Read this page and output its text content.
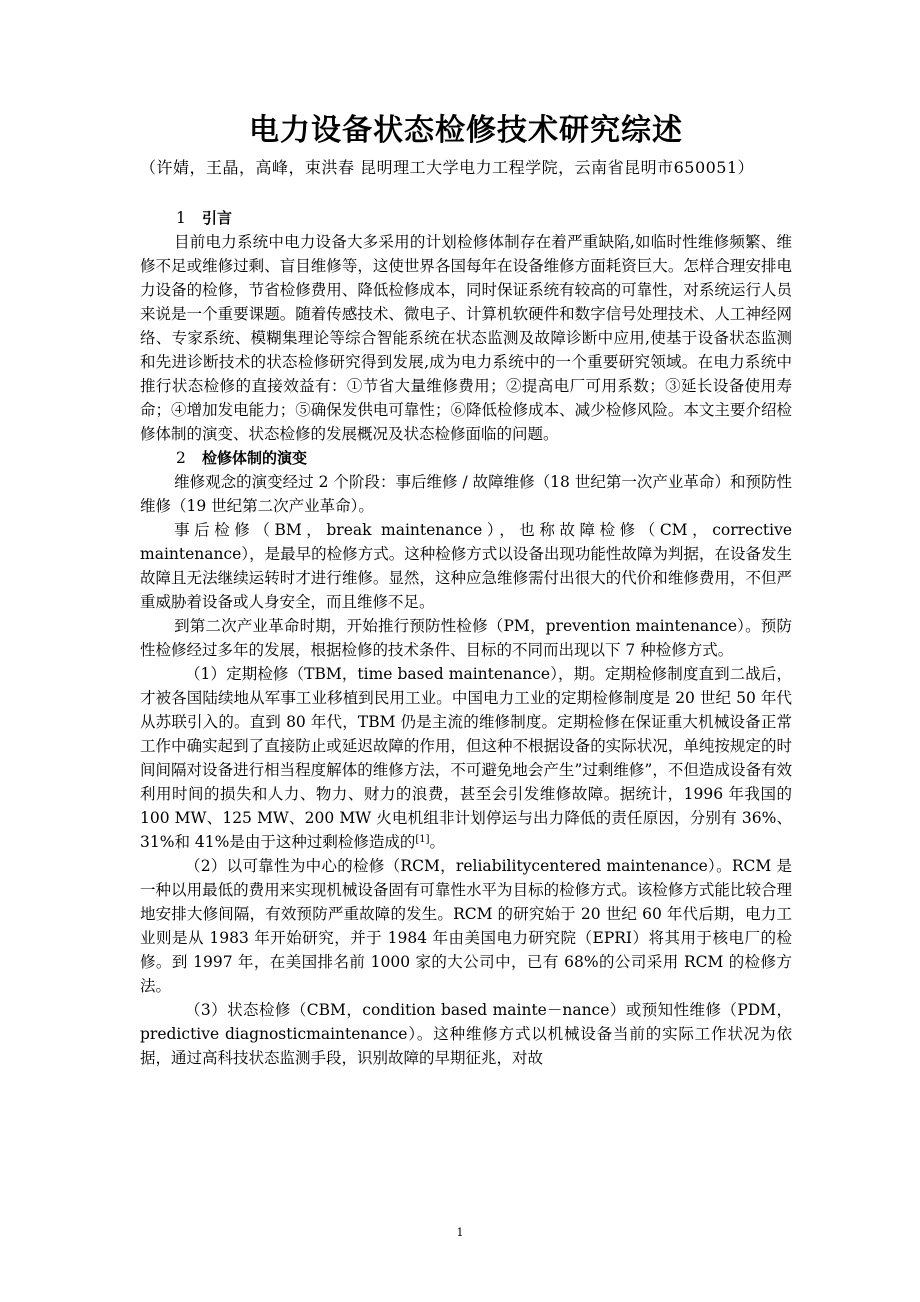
电力设备状态检修技术研究综述

（许婧，王晶，高峰，束洪春 昆明理工大学电力工程学院，云南省昆明市650051）

1 引言

目前电力系统中电力设备大多采用的计划检修体制存在着严重缺陷,如临时性维修频繁、维修不足或维修过剩、盲目维修等，这使世界各国每年在设备维修方面耗资巨大。怎样合理安排电力设备的检修，节省检修费用、降低检修成本，同时保证系统有较高的可靠性，对系统运行人员来说是一个重要课题。随着传感技术、微电子、计算机软硬件和数字信号处理技术、人工神经网络、专家系统、模糊集理论等综合智能系统在状态监测及故障诊断中应用,使基于设备状态监测和先进诊断技术的状态检修研究得到发展,成为电力系统中的一个重要研究领域。在电力系统中推行状态检修的直接效益有：①节省大量维修费用；②提高电厂可用系数；③延长设备使用寿命；④增加发电能力；⑤确保发供电可靠性；⑥降低检修成本、减少检修风险。本文主要介绍检修体制的演变、状态检修的发展概况及状态检修面临的问题。

2 检修体制的演变

维修观念的演变经过 2 个阶段：事后维修 / 故障维修（18 世纪第一次产业革命）和预防性维修（19 世纪第二次产业革命）。

事后检修（BM，break maintenance），也称故障检修（CM，corrective maintenance），是最早的检修方式。这种检修方式以设备出现功能性故障为判据，在设备发生故障且无法继续运转时才进行维修。显然，这种应急维修需付出很大的代价和维修费用，不但严重威胁着设备或人身安全，而且维修不足。

到第二次产业革命时期，开始推行预防性检修（PM，prevention maintenance）。预防性检修经过多年的发展，根据检修的技术条件、目标的不同而出现以下 7 种检修方式。

（1）定期检修（TBM，time based maintenance），期。定期检修制度直到二战后，才被各国陆续地从军事工业移植到民用工业。中国电力工业的定期检修制度是 20 世纪 50 年代从苏联引入的。直到 80 年代，TBM 仍是主流的维修制度。定期检修在保证重大机械设备正常工作中确实起到了直接防止或延迟故障的作用，但这种不根据设备的实际状况，单纯按规定的时间间隔对设备进行相当程度解体的维修方法，不可避免地会产生”过剩维修”，不但造成设备有效利用时间的损失和人力、物力、财力的浪费，甚至会引发维修故障。据统计，1996 年我国的 100 MW、125 MW、200 MW 火电机组非计划停运与出力降低的责任原因，分别有 36%、31%和 41%是由于这种过剩检修造成的[1]。

（2）以可靠性为中心的检修（RCM，reliabilitycentered maintenance）。RCM 是一种以用最低的费用来实现机械设备固有可靠性水平为目标的检修方式。该检修方式能比较合理地安排大修间隔，有效预防严重故障的发生。RCM 的研究始于 20 世纪 60 年代后期，电力工业则是从 1983 年开始研究，并于 1984 年由美国电力研究院（EPRI）将其用于核电厂的检修。到 1997 年，在美国排名前 1000 家的大公司中，已有 68%的公司采用 RCM 的检修方法。

（3）状态检修（CBM，condition based mainte－nance）或预知性维修（PDM，predictive diagnosticmaintenance）。这种维修方式以机械设备当前的实际工作状况为依据，通过高科技状态监测手段，识别故障的早期征兆，对故

1
